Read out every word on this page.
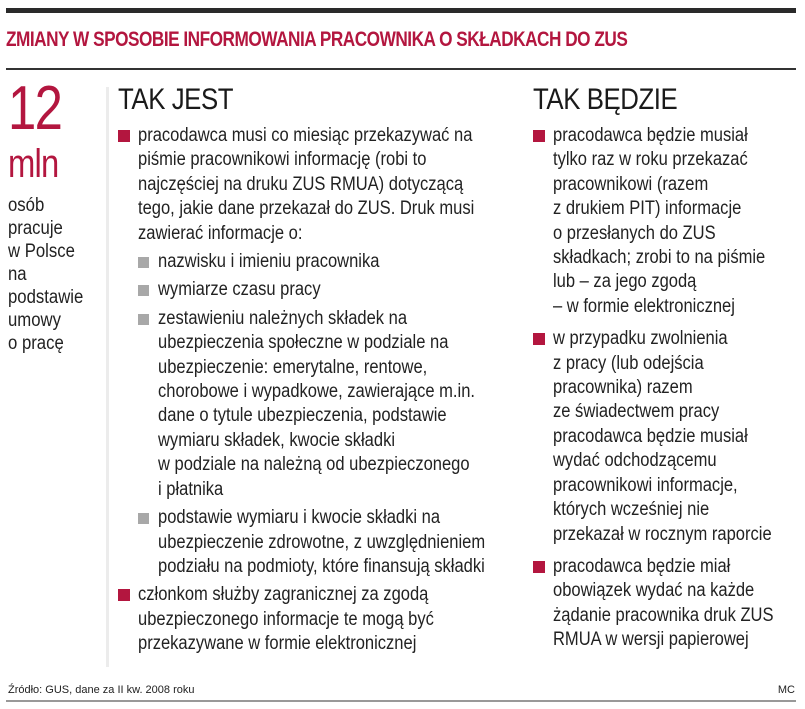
ZMIANY W SPOSOBIE INFORMOWANIA PRACOWNIKA O SKŁADKACH DO ZUS
12
mln
osób
pracuje
w Polsce
na
podstawie
umowy
o pracę
TAK JEST
pracodawca musi co miesiąc przekazywać na
piśmie pracownikowi informację (robi to
najczęściej na druku ZUS RMUA) dotyczącą
tego, jakie dane przekazał do ZUS. Druk musi
zawierać informacje o:
nazwisku i imieniu pracownika
wymiarze czasu pracy
zestawieniu należnych składek na
ubezpieczenia społeczne w podziale na
ubezpieczenie: emerytalne, rentowe,
chorobowe i wypadkowe, zawierające m.in.
dane o tytule ubezpieczenia, podstawie
wymiaru składek, kwocie składki
w podziale na należną od ubezpieczonego
i płatnika
podstawie wymiaru i kwocie składki na
ubezpieczenie zdrowotne, z uwzględnieniem
podziału na podmioty, które finansują składki
członkom służby zagranicznej za zgodą
ubezpieczonego informacje te mogą być
przekazywane w formie elektronicznej
TAK BĘDZIE
pracodawca będzie musiał
tylko raz w roku przekazać
pracownikowi (razem
z drukiem PIT) informacje
o przesłanych do ZUS
składkach; zrobi to na piśmie
lub – za jego zgodą
– w formie elektronicznej
w przypadku zwolnienia
z pracy (lub odejścia
pracownika) razem
ze świadectwem pracy
pracodawca będzie musiał
wydać odchodzącemu
pracownikowi informacje,
których wcześniej nie
przekazał w rocznym raporcie
pracodawca będzie miał
obowiązek wydać na każde
żądanie pracownika druk ZUS
RMUA w wersji papierowej
Źródło: GUS, dane za II kw. 2008 roku	MC
